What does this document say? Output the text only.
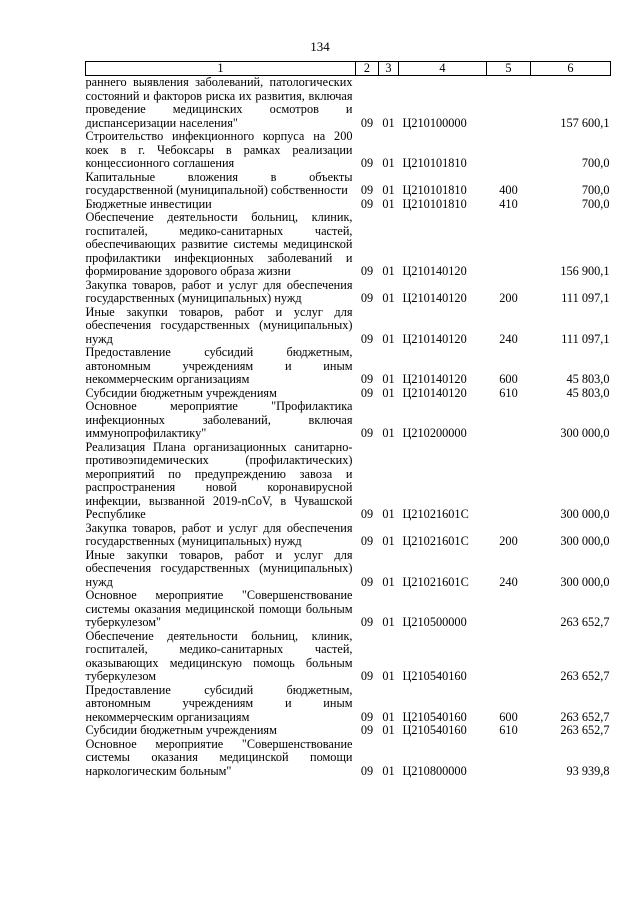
134
1	2	3	4	5	6
раннего выявления заболеваний, патологических состояний и факторов риска их развития, включая проведение медицинских осмотров и диспансеризации населения"	09	01	Ц210100000		157 600,1
Строительство инфекционного корпуса на 200 коек в г. Чебоксары в рамках реализации концессионного соглашения	09	01	Ц210101810		700,0
Капитальные вложения в объекты государственной (муниципальной) собственности	09	01	Ц210101810	400	700,0
Бюджетные инвестиции	09	01	Ц210101810	410	700,0
Обеспечение деятельности больниц, клиник, госпиталей, медико-санитарных частей, обеспечивающих развитие системы медицинской профилактики инфекционных заболеваний и формирование здорового образа жизни	09	01	Ц210140120		156 900,1
Закупка товаров, работ и услуг для обеспечения государственных (муниципальных) нужд	09	01	Ц210140120	200	111 097,1
Иные закупки товаров, работ и услуг для обеспечения государственных (муниципальных) нужд	09	01	Ц210140120	240	111 097,1
Предоставление субсидий бюджетным, автономным учреждениям и иным некоммерческим организациям	09	01	Ц210140120	600	45 803,0
Субсидии бюджетным учреждениям	09	01	Ц210140120	610	45 803,0
Основное мероприятие "Профилактика инфекционных заболеваний, включая иммунопрофилактику"	09	01	Ц210200000		300 000,0
Реализация Плана организационных санитарно-противоэпидемических (профилактических) мероприятий по предупреждению завоза и распространения новой коронавирусной инфекции, вызванной 2019-nCoV, в Чувашской Республике	09	01	Ц21021601С		300 000,0
Закупка товаров, работ и услуг для обеспечения государственных (муниципальных) нужд	09	01	Ц21021601С	200	300 000,0
Иные закупки товаров, работ и услуг для обеспечения государственных (муниципальных) нужд	09	01	Ц21021601С	240	300 000,0
Основное мероприятие "Совершенствование системы оказания медицинской помощи больным туберкулезом"	09	01	Ц210500000		263 652,7
Обеспечение деятельности больниц, клиник, госпиталей, медико-санитарных частей, оказывающих медицинскую помощь больным туберкулезом	09	01	Ц210540160		263 652,7
Предоставление субсидий бюджетным, автономным учреждениям и иным некоммерческим организациям	09	01	Ц210540160	600	263 652,7
Субсидии бюджетным учреждениям	09	01	Ц210540160	610	263 652,7
Основное мероприятие "Совершенствование системы оказания медицинской помощи наркологическим больным"	09	01	Ц210800000		93 939,8
